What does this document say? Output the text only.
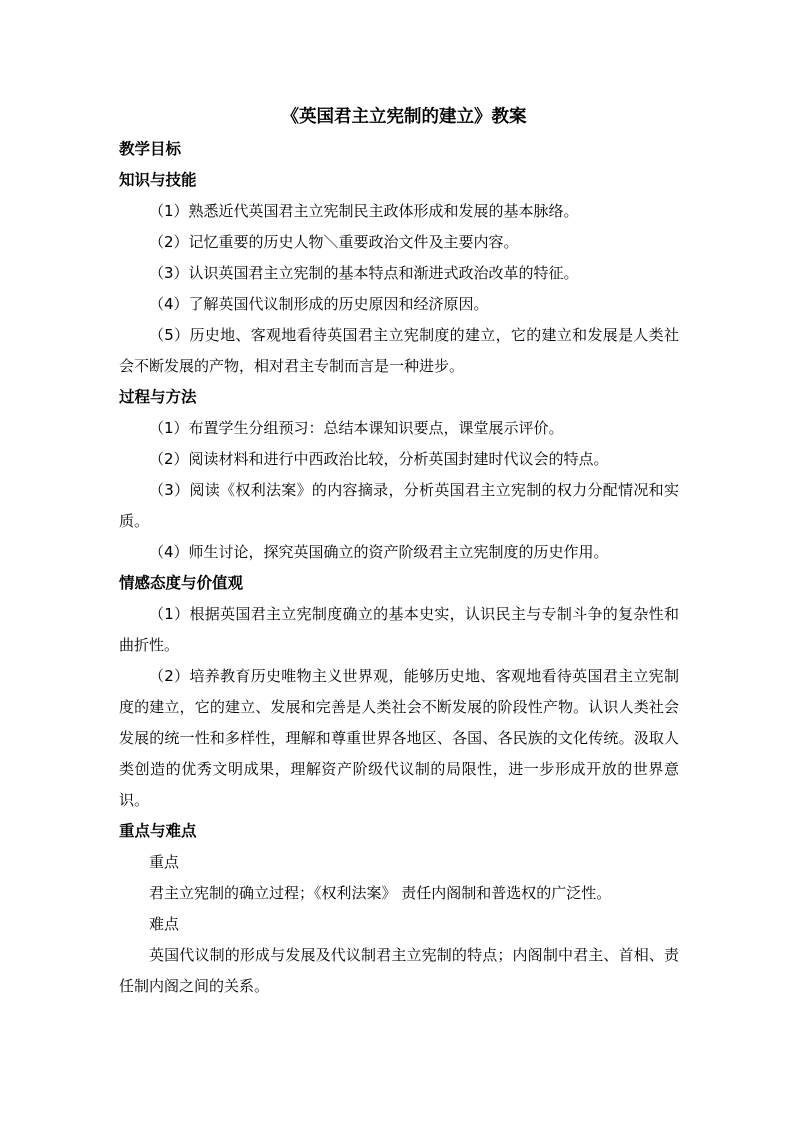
《英国君主立宪制的建立》教案

教学目标

知识与技能

（1）熟悉近代英国君主立宪制民主政体形成和发展的基本脉络。

（2）记忆重要的历史人物＼重要政治文件及主要内容。

（3）认识英国君主立宪制的基本特点和渐进式政治改革的特征。

（4）了解英国代议制形成的历史原因和经济原因。

（5）历史地、客观地看待英国君主立宪制度的建立，它的建立和发展是人类社会不断发展的产物，相对君主专制而言是一种进步。

过程与方法

（1）布置学生分组预习：总结本课知识要点，课堂展示评价。

（2）阅读材料和进行中西政治比较，分析英国封建时代议会的特点。

（3）阅读《权利法案》的内容摘录，分析英国君主立宪制的权力分配情况和实质。

（4）师生讨论，探究英国确立的资产阶级君主立宪制度的历史作用。

情感态度与价值观

（1）根据英国君主立宪制度确立的基本史实，认识民主与专制斗争的复杂性和曲折性。

（2）培养教育历史唯物主义世界观，能够历史地、客观地看待英国君主立宪制度的建立，它的建立、发展和完善是人类社会不断发展的阶段性产物。认识人类社会发展的统一性和多样性，理解和尊重世界各地区、各国、各民族的文化传统。汲取人类创造的优秀文明成果，理解资产阶级代议制的局限性，进一步形成开放的世界意识。

重点与难点

重点

君主立宪制的确立过程；《权利法案》 责任内阁制和普选权的广泛性。

难点

英国代议制的形成与发展及代议制君主立宪制的特点；内阁制中君主、首相、责任制内阁之间的关系。
